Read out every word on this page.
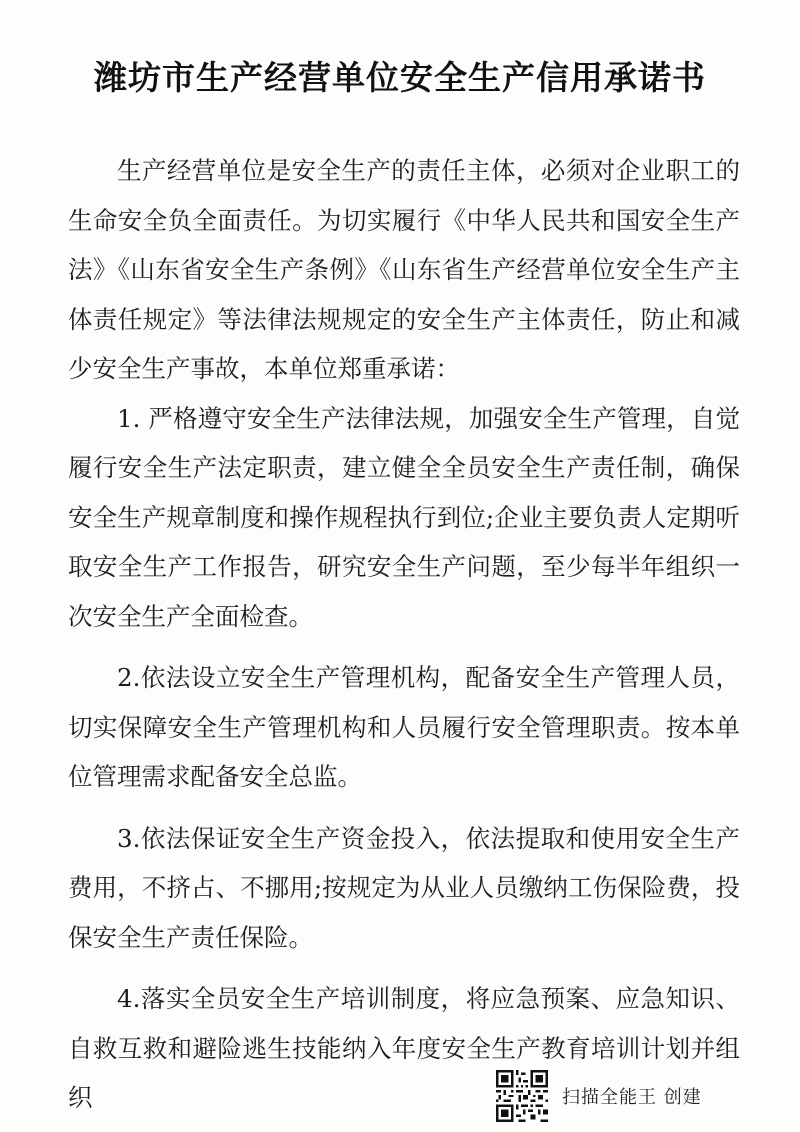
潍坊市生产经营单位安全生产信用承诺书

生产经营单位是安全生产的责任主体，必须对企业职工的生命安全负全面责任。为切实履行《中华人民共和国安全生产法》《山东省安全生产条例》《山东省生产经营单位安全生产主体责任规定》等法律法规规定的安全生产主体责任，防止和减少安全生产事故，本单位郑重承诺：

1. 严格遵守安全生产法律法规，加强安全生产管理，自觉履行安全生产法定职责，建立健全全员安全生产责任制，确保安全生产规章制度和操作规程执行到位;企业主要负责人定期听取安全生产工作报告，研究安全生产问题，至少每半年组织一次安全生产全面检查。

2.依法设立安全生产管理机构，配备安全生产管理人员，切实保障安全生产管理机构和人员履行安全管理职责。按本单位管理需求配备安全总监。

3.依法保证安全生产资金投入，依法提取和使用安全生产费用，不挤占、不挪用;按规定为从业人员缴纳工伤保险费，投保安全生产责任保险。

4.落实全员安全生产培训制度，将应急预案、应急知识、自救互救和避险逃生技能纳入年度安全生产教育培训计划并组织	扫描全能王 创建
